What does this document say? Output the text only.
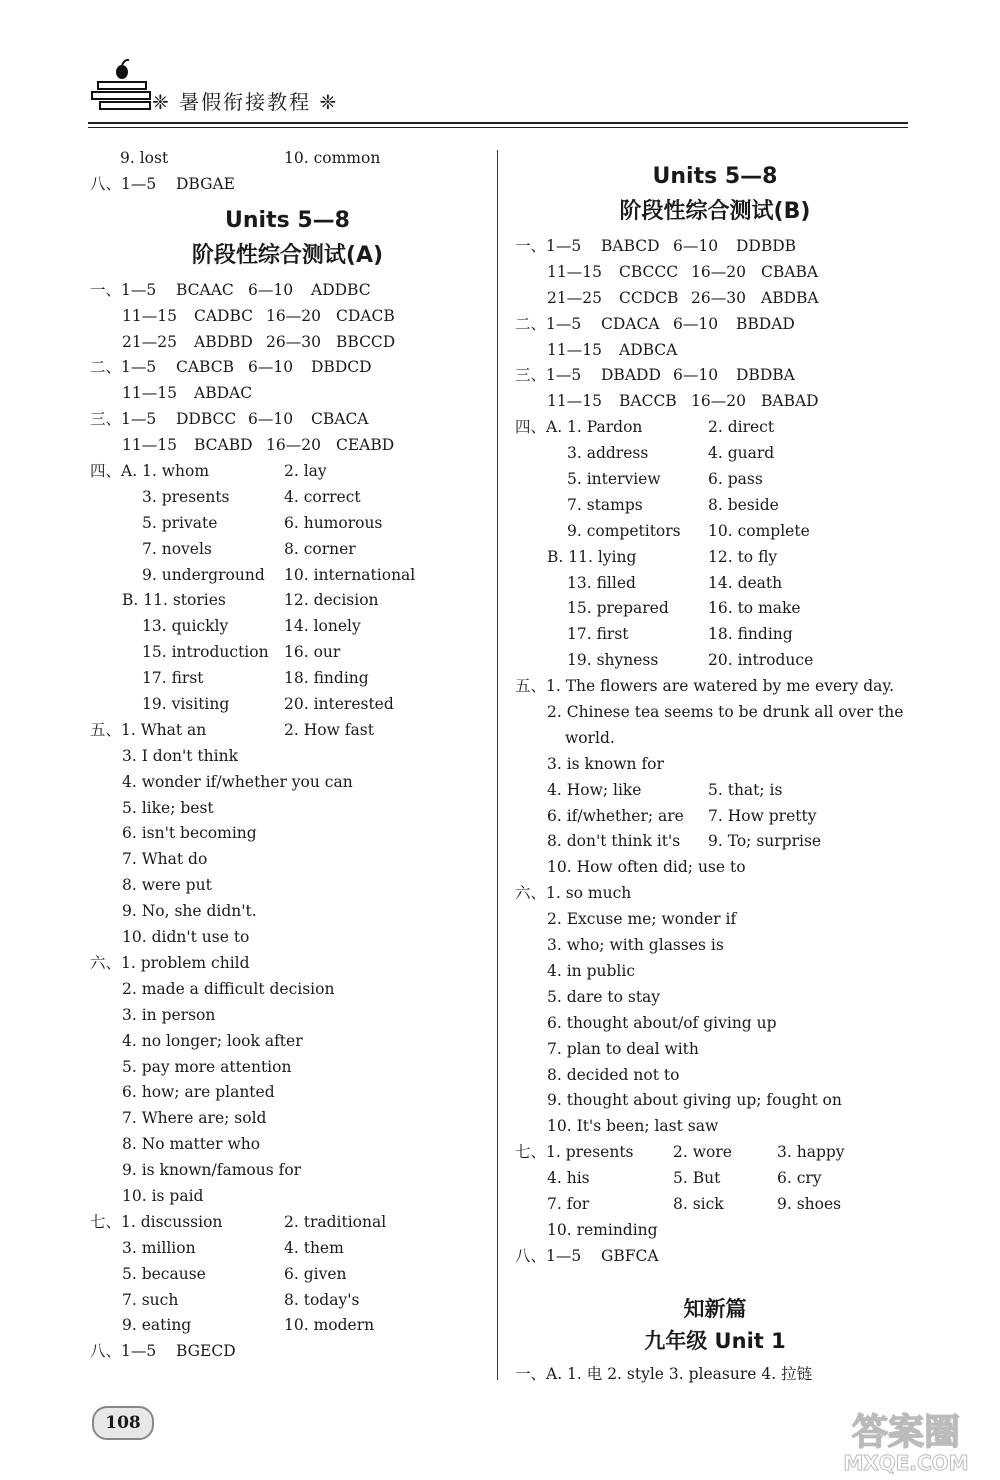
❈ 暑假衔接教程 ❈
9. lost	10. common
八、1—5 DBGAE
Units 5—8
阶段性综合测试(A)
一、1—5 BCAAC 6—10 ADDBC
11—15 CADBC 16—20 CDACB
21—25 ABDBD 26—30 BBCCD
二、1—5 CABCB 6—10 DBDCD
11—15 ABDAC
三、1—5 DDBCC 6—10 CBACA
11—15 BCABD 16—20 CEABD
四、A. 1. whom	2. lay
3. presents	4. correct
5. private	6. humorous
7. novels	8. corner
9. underground 10. international
B. 11. stories	12. decision
13. quickly	14. lonely
15. introduction 16. our
17. first	18. finding
19. visiting	20. interested
五、1. What an	2. How fast
3. I don't think
4. wonder if/whether you can
5. like; best
6. isn't becoming
7. What do
8. were put
9. No, she didn't.
10. didn't use to
六、1. problem child
2. made a difficult decision
3. in person
4. no longer; look after
5. pay more attention
6. how; are planted
7. Where are; sold
8. No matter who
9. is known/famous for
10. is paid
七、1. discussion	2. traditional
3. million	4. them
5. because	6. given
7. such	8. today's
9. eating	10. modern
八、1—5 BGECD
Units 5—8
阶段性综合测试(B)
一、1—5 BABCD 6—10 DDBDB
11—15 CBCCC 16—20 CBABA
21—25 CCDCB 26—30 ABDBA
二、1—5 CDACA 6—10 BBDAD
11—15 ADBCA
三、1—5 DBADD 6—10 DBDBA
11—15 BACCB 16—20 BABAD
四、A. 1. Pardon	2. direct
3. address	4. guard
5. interview	6. pass
7. stamps	8. beside
9. competitors 10. complete
B. 11. lying	12. to fly
13. filled	14. death
15. prepared	16. to make
17. first	18. finding
19. shyness	20. introduce
五、1. The flowers are watered by me every day.
2. Chinese tea seems to be drunk all over the
world.
3. is known for
4. How; like	5. that; is
6. if/whether; are 7. How pretty
8. don't think it's 9. To; surprise
10. How often did; use to
六、1. so much
2. Excuse me; wonder if
3. who; with glasses is
4. in public
5. dare to stay
6. thought about/of giving up
7. plan to deal with
8. decided not to
9. thought about giving up; fought on
10. It's been; last saw
七、1. presents	2. wore	3. happy
4. his	5. But	6. cry
7. for	8. sick	9. shoes
10. reminding
八、1—5 GBFCA
知新篇
九年级 Unit 1
一、A. 1. 电 2. style 3. pleasure 4. 拉链
108	答案圈
MXQE.COM
